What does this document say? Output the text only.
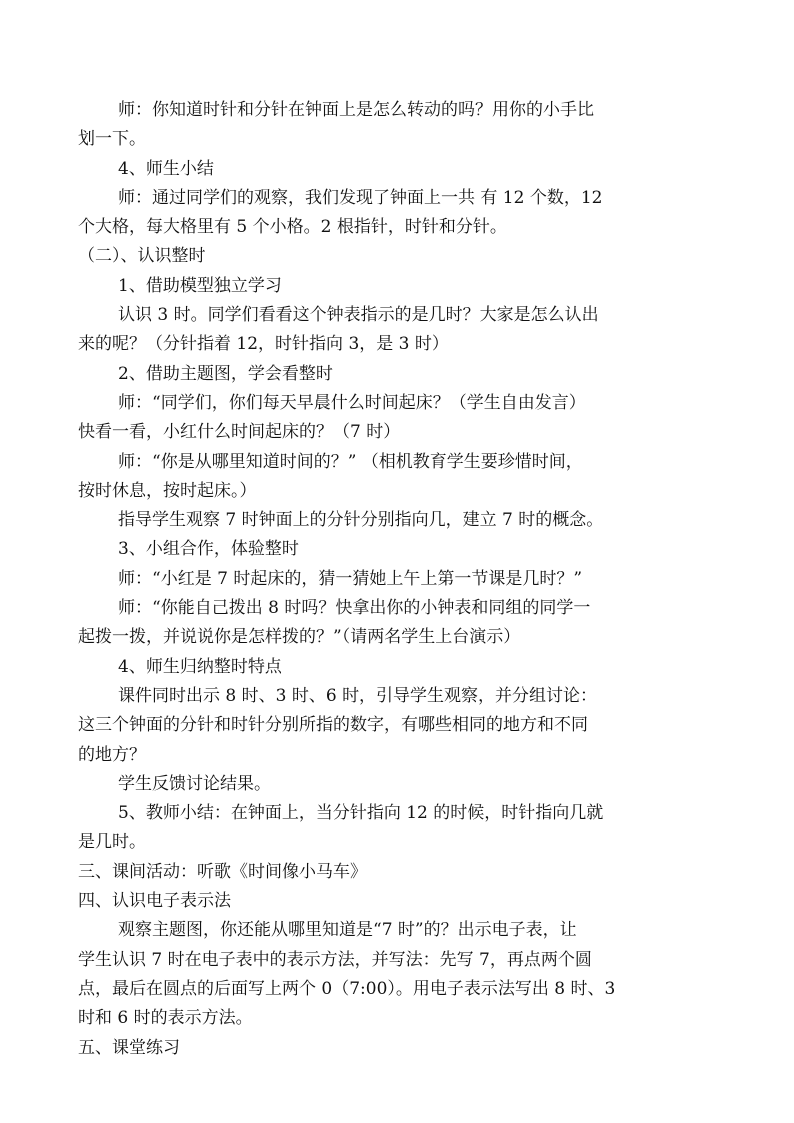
师：你知道时针和分针在钟面上是怎么转动的吗？用你的小手比
划一下。
4、师生小结
师：通过同学们的观察，我们发现了钟面上一共 有 12 个数，12
个大格，每大格里有 5 个小格。2 根指针，时针和分针。
（二）、认识整时
1、借助模型独立学习
认识 3 时。同学们看看这个钟表指示的是几时？大家是怎么认出
来的呢？（分针指着 12，时针指向 3，是 3 时）
2、借助主题图，学会看整时
师：“同学们，你们每天早晨什么时间起床？（学生自由发言）
快看一看，小红什么时间起床的？（7 时）
师：“你是从哪里知道时间的？” （相机教育学生要珍惜时间，
按时休息，按时起床。）
指导学生观察 7 时钟面上的分针分别指向几，建立 7 时的概念。
3、小组合作，体验整时
师：“小红是 7 时起床的，猜一猜她上午上第一节课是几时？”
师：“你能自己拨出 8 时吗？快拿出你的小钟表和同组的同学一
起拨一拨，并说说你是怎样拨的？”（请两名学生上台演示）
4、师生归纳整时特点
课件同时出示 8 时、3 时、6 时，引导学生观察，并分组讨论：
这三个钟面的分针和时针分别所指的数字，有哪些相同的地方和不同
的地方？
学生反馈讨论结果。
5、教师小结：在钟面上，当分针指向 12 的时候，时针指向几就
是几时。
三、课间活动：听歌《时间像小马车》
四、认识电子表示法
观察主题图，你还能从哪里知道是“7 时”的？出示电子表，让
学生认识 7 时在电子表中的表示方法，并写法：先写 7，再点两个圆
点，最后在圆点的后面写上两个 0（7:00）。用电子表示法写出 8 时、3
时和 6 时的表示方法。
五、课堂练习
